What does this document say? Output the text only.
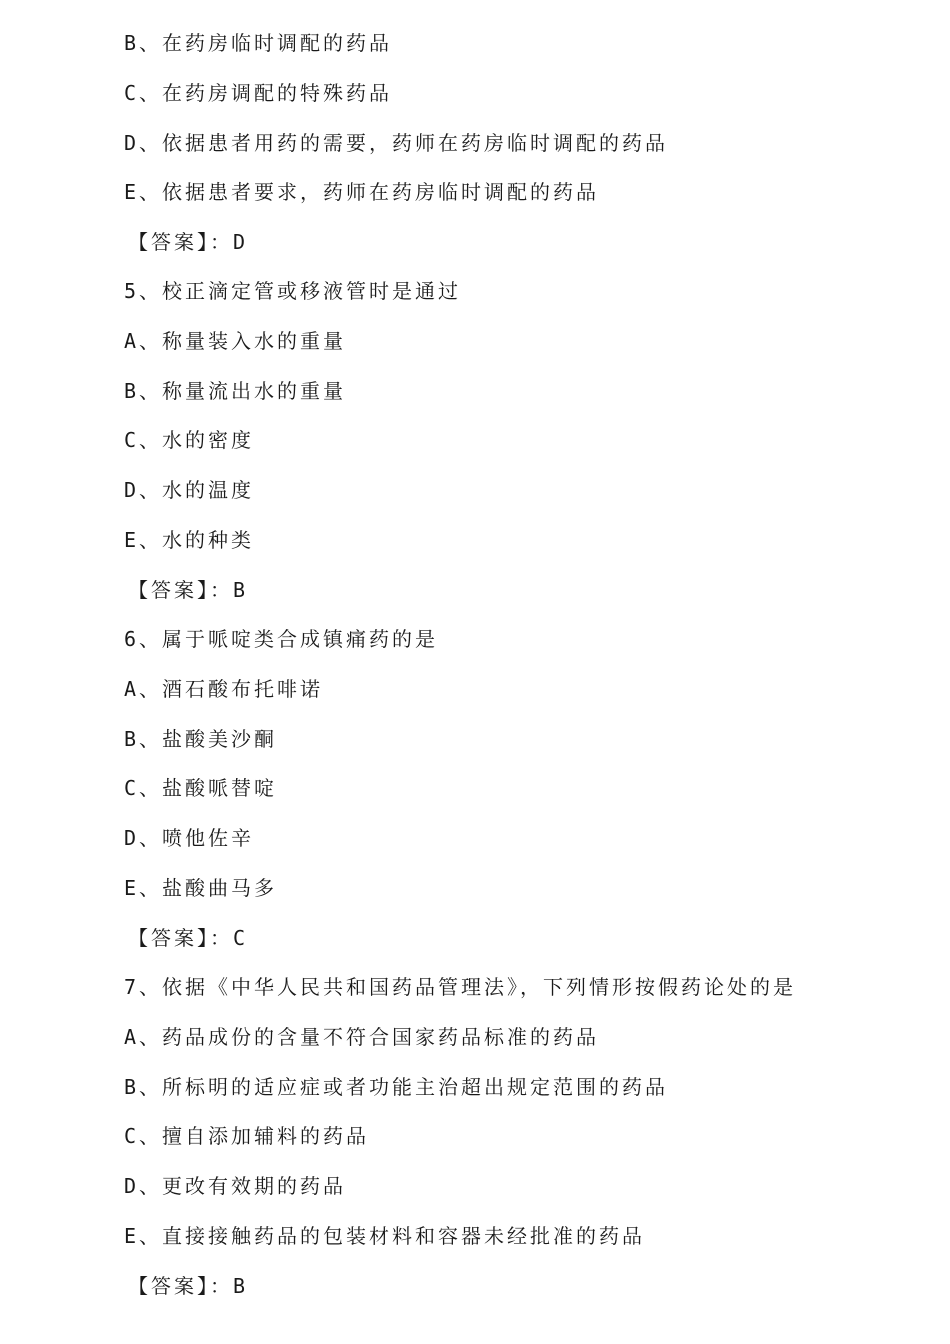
B、在药房临时调配的药品
C、在药房调配的特殊药品
D、依据患者用药的需要，药师在药房临时调配的药品
E、依据患者要求，药师在药房临时调配的药品
【答案】：D
5、校正滴定管或移液管时是通过
A、称量装入水的重量
B、称量流出水的重量
C、水的密度
D、水的温度
E、水的种类
【答案】：B
6、属于哌啶类合成镇痛药的是
A、酒石酸布托啡诺
B、盐酸美沙酮
C、盐酸哌替啶
D、喷他佐辛
E、盐酸曲马多
【答案】：C
7、依据《中华人民共和国药品管理法》，下列情形按假药论处的是
A、药品成份的含量不符合国家药品标准的药品
B、所标明的适应症或者功能主治超出规定范围的药品
C、擅自添加辅料的药品
D、更改有效期的药品
E、直接接触药品的包装材料和容器未经批准的药品
【答案】：B
